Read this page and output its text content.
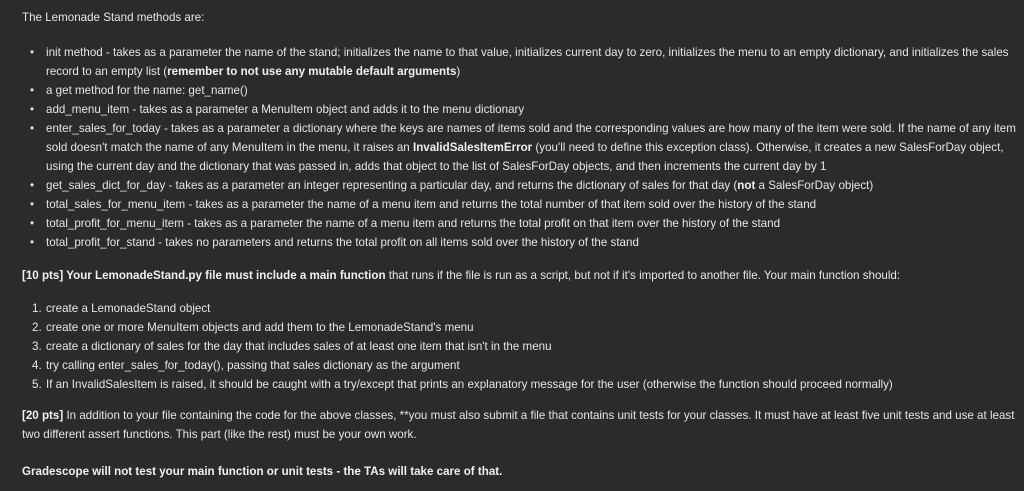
The Lemonade Stand methods are:

• init method - takes as a parameter the name of the stand; initializes the name to that value, initializes current day to zero, initializes the menu to an empty dictionary, and initializes the sales record to an empty list (remember to not use any mutable default arguments)
• a get method for the name: get_name()
• add_menu_item - takes as a parameter a MenuItem object and adds it to the menu dictionary
• enter_sales_for_today - takes as a parameter a dictionary where the keys are names of items sold and the corresponding values are how many of the item were sold. If the name of any item sold doesn't match the name of any MenuItem in the menu, it raises an InvalidSalesItemError (you'll need to define this exception class). Otherwise, it creates a new SalesForDay object, using the current day and the dictionary that was passed in, adds that object to the list of SalesForDay objects, and then increments the current day by 1
• get_sales_dict_for_day - takes as a parameter an integer representing a particular day, and returns the dictionary of sales for that day (not a SalesForDay object)
• total_sales_for_menu_item - takes as a parameter the name of a menu item and returns the total number of that item sold over the history of the stand
• total_profit_for_menu_item - takes as a parameter the name of a menu item and returns the total profit on that item over the history of the stand
• total_profit_for_stand - takes no parameters and returns the total profit on all items sold over the history of the stand

[10 pts] Your LemonadeStand.py file must include a main function that runs if the file is run as a script, but not if it's imported to another file. Your main function should:

create a LemonadeStand object
create one or more MenuItem objects and add them to the LemonadeStand's menu
create a dictionary of sales for the day that includes sales of at least one item that isn't in the menu
try calling enter_sales_for_today(), passing that sales dictionary as the argument
If an InvalidSalesItem is raised, it should be caught with a try/except that prints an explanatory message for the user (otherwise the function should proceed normally)

[20 pts] In addition to your file containing the code for the above classes, **you must also submit a file that contains unit tests for your classes. It must have at least five unit tests and use at least two different assert functions. This part (like the rest) must be your own work.

Gradescope will not test your main function or unit tests - the TAs will take care of that.
